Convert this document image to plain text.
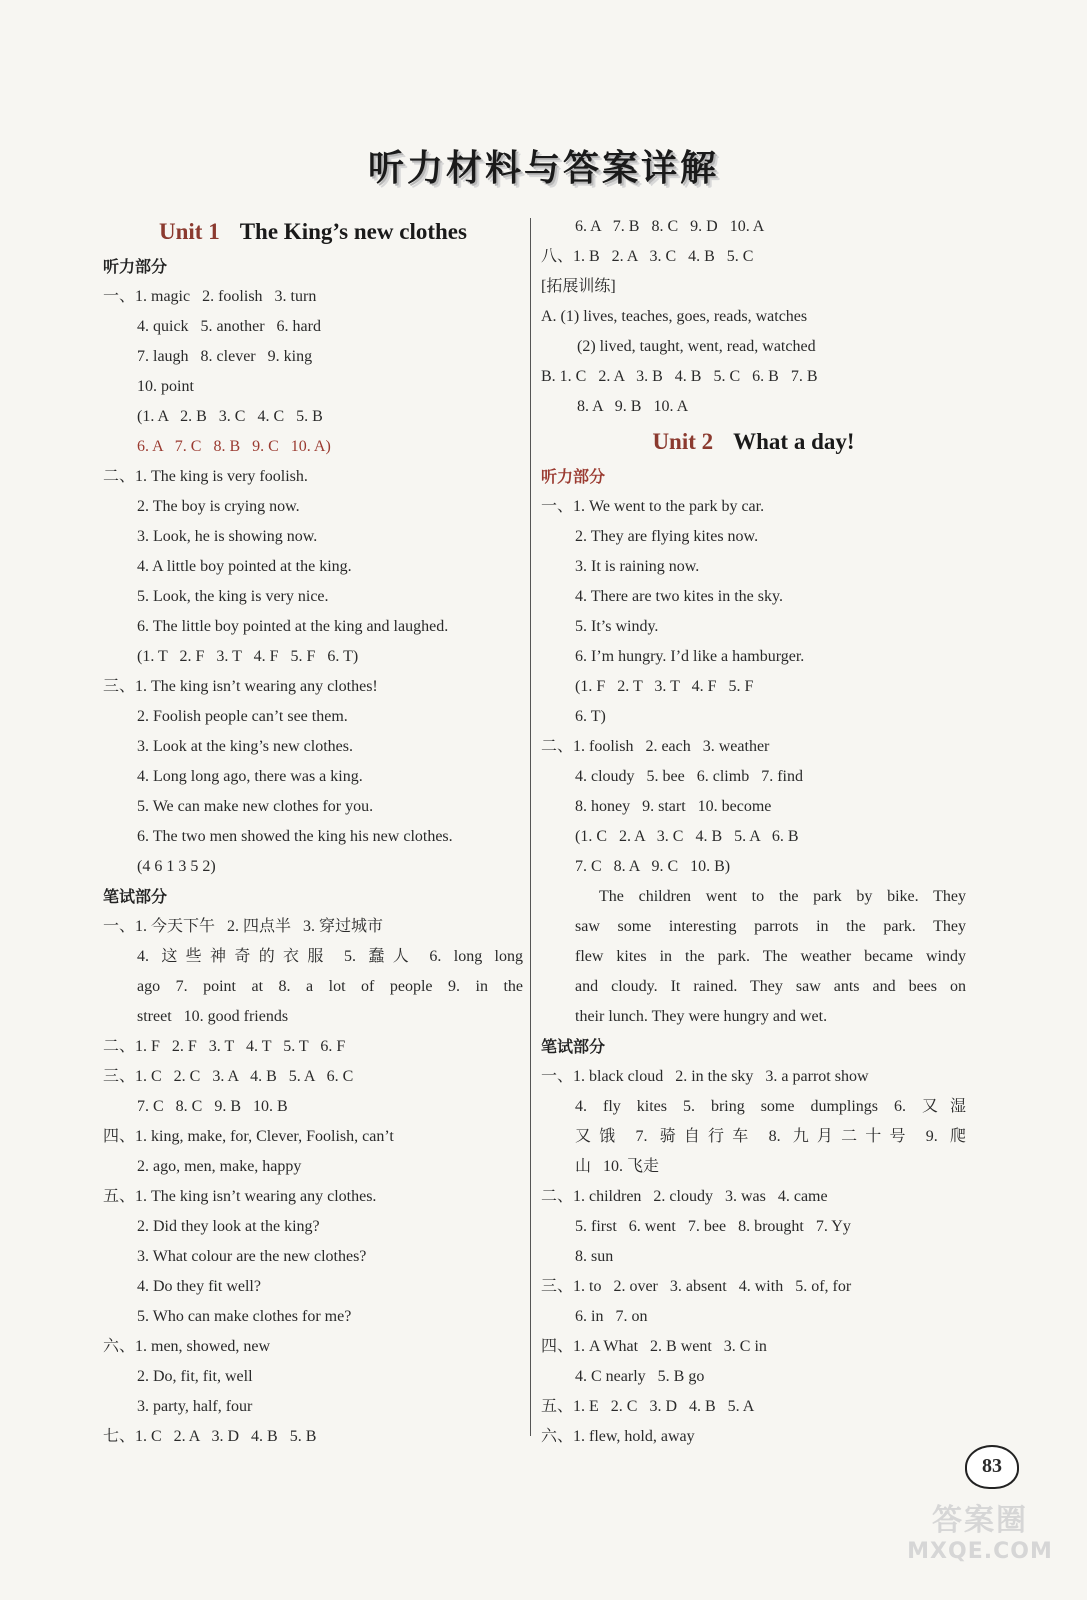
听力材料与答案详解
Unit 1 The King’s new clothes
听力部分
一、1. magic   2. foolish   3. turn
4. quick   5. another   6. hard
7. laugh   8. clever   9. king
10. point
(1. A   2. B   3. C   4. C   5. B
6. A   7. C   8. B   9. C   10. A)
二、1. The king is very foolish.
2. The boy is crying now.
3. Look, he is showing now.
4. A little boy pointed at the king.
5. Look, the king is very nice.
6. The little boy pointed at the king and laughed.
(1. T   2. F   3. T   4. F   5. F   6. T)
三、1. The king isn’t wearing any clothes!
2. Foolish people can’t see them.
3. Look at the king’s new clothes.
4. Long long ago, there was a king.
5. We can make new clothes for you.
6. The two men showed the king his new clothes.
(4 6 1 3 5 2)
笔试部分
一、1. 今天下午   2. 四点半   3. 穿过城市
4. 这些神奇的衣服 5. 蠢人 6. long long
ago 7. point at 8. a lot of people 9. in the
street   10. good friends
二、1. F   2. F   3. T   4. T   5. T   6. F
三、1. C   2. C   3. A   4. B   5. A   6. C
7. C   8. C   9. B   10. B
四、1. king, make, for, Clever, Foolish, can’t
2. ago, men, make, happy
五、1. The king isn’t wearing any clothes.
2. Did they look at the king?
3. What colour are the new clothes?
4. Do they fit well?
5. Who can make clothes for me?
六、1. men, showed, new
2. Do, fit, fit, well
3. party, half, four
七、1. C   2. A   3. D   4. B   5. B
6. A   7. B   8. C   9. D   10. A
八、1. B   2. A   3. C   4. B   5. C
[拓展训练]
A. (1) lives, teaches, goes, reads, watches
(2) lived, taught, went, read, watched
B. 1. C   2. A   3. B   4. B   5. C   6. B   7. B
8. A   9. B   10. A
Unit 2 What a day!
听力部分
一、1. We went to the park by car.
2. They are flying kites now.
3. It is raining now.
4. There are two kites in the sky.
5. It’s windy.
6. I’m hungry. I’d like a hamburger.
(1. F   2. T   3. T   4. F   5. F
6. T)
二、1. foolish   2. each   3. weather
4. cloudy   5. bee   6. climb   7. find
8. honey   9. start   10. become
(1. C   2. A   3. C   4. B   5. A   6. B
7. C   8. A   9. C   10. B)
The children went to the park by bike. They
saw some interesting parrots in the park. They
flew kites in the park. The weather became windy
and cloudy. It rained. They saw ants and bees on
their lunch. They were hungry and wet.
笔试部分
一、1. black cloud   2. in the sky   3. a parrot show
4. fly kites 5. bring some dumplings 6. 又湿
又饿 7. 骑自行车 8. 九月二十号 9. 爬
山   10. 飞走
二、1. children   2. cloudy   3. was   4. came
5. first   6. went   7. bee   8. brought   7. Yy
8. sun
三、1. to   2. over   3. absent   4. with   5. of, for
6. in   7. on
四、1. A What   2. B went   3. C in
4. C nearly   5. B go
五、1. E   2. C   3. D   4. B   5. A
六、1. flew, hold, away
83
答案圈
MXQE.COM
